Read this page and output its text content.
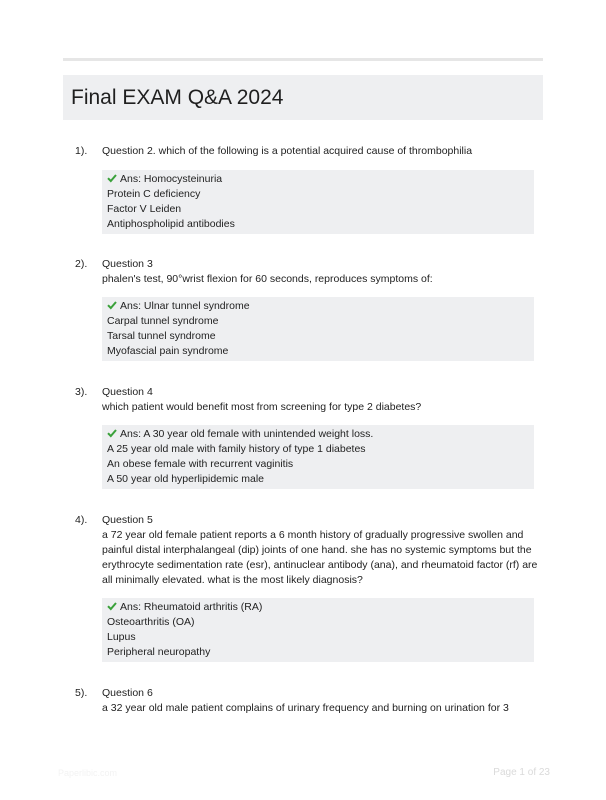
Final EXAM Q&A 2024
1). Question 2. which of the following is a potential acquired cause of thrombophilia
Ans: Homocysteinuria
Protein C deficiency
Factor V Leiden
Antiphospholipid antibodies
2). Question 3
phalen's test, 90°wrist flexion for 60 seconds, reproduces symptoms of:
Ans: Ulnar tunnel syndrome
Carpal tunnel syndrome
Tarsal tunnel syndrome
Myofascial pain syndrome
3). Question 4
which patient would benefit most from screening for type 2 diabetes?
Ans: A 30 year old female with unintended weight loss.
A 25 year old male with family history of type 1 diabetes
An obese female with recurrent vaginitis
A 50 year old hyperlipidemic male
4). Question 5
a 72 year old female patient reports a 6 month history of gradually progressive swollen and painful distal interphalangeal (dip) joints of one hand. she has no systemic symptoms but the erythrocyte sedimentation rate (esr), antinuclear antibody (ana), and rheumatoid factor (rf) are all minimally elevated. what is the most likely diagnosis?
Ans: Rheumatoid arthritis (RA)
Osteoarthritis (OA)
Lupus
Peripheral neuropathy
5). Question 6
a 32 year old male patient complains of urinary frequency and burning on urination for 3
Paperlibic.com	Page 1 of 23
